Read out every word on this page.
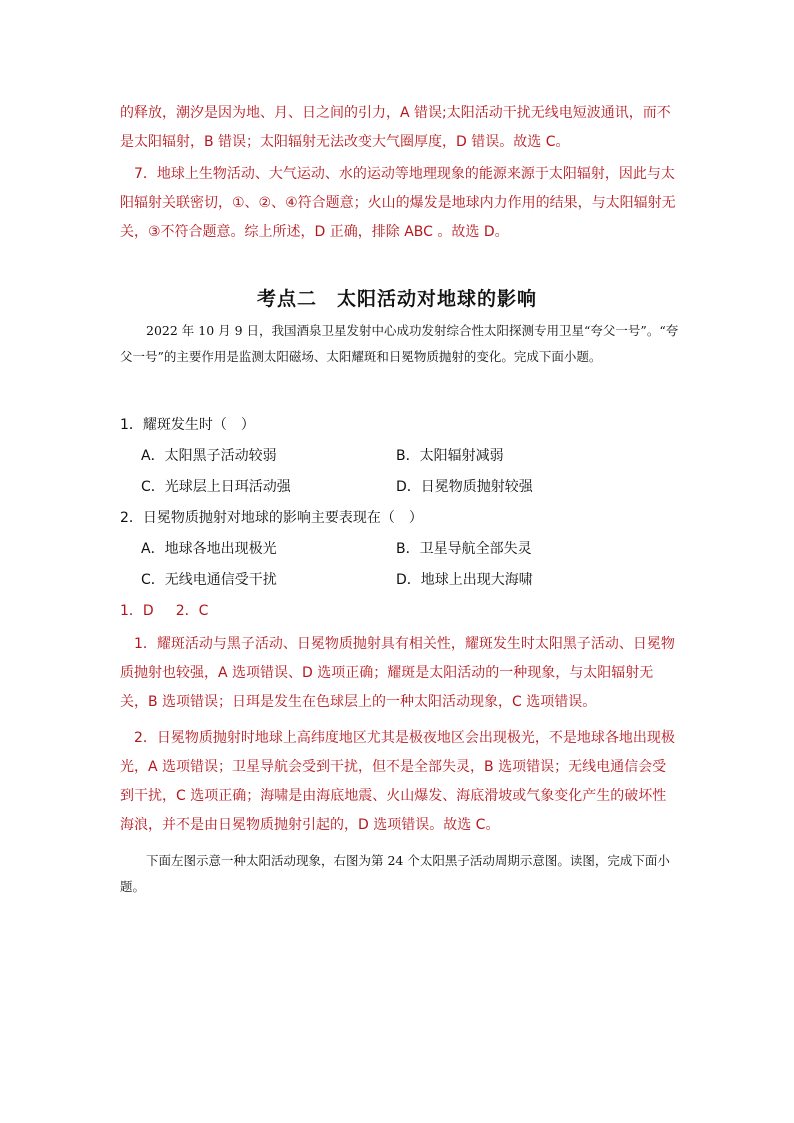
的释放，潮汐是因为地、月、日之间的引力，A 错误;太阳活动干扰无线电短波通讯，而不是太阳辐射，B 错误；太阳辐射无法改变大气圈厚度，D 错误。故选 C。

7．地球上生物活动、大气运动、水的运动等地理现象的能源来源于太阳辐射，因此与太阳辐射关联密切，①、②、④符合题意；火山的爆发是地球内力作用的结果，与太阳辐射无关，③不符合题意。综上所述，D 正确，排除 ABC 。故选 D。

考点二　太阳活动对地球的影响

2022 年 10 月 9 日，我国酒泉卫星发射中心成功发射综合性太阳探测专用卫星“夸父一号”。“夸父一号”的主要作用是监测太阳磁场、太阳耀斑和日冕物质抛射的变化。完成下面小题。

1．耀斑发生时（　）
A．太阳黑子活动较弱	B．太阳辐射减弱
C．光球层上日珥活动强	D．日冕物质抛射较强
2．日冕物质抛射对地球的影响主要表现在（　）
A．地球各地出现极光	B．卫星导航全部失灵
C．无线电通信受干扰	D．地球上出现大海啸
1．D 2．C

1．耀斑活动与黑子活动、日冕物质抛射具有相关性，耀斑发生时太阳黑子活动、日冕物质抛射也较强，A 选项错误、D 选项正确；耀斑是太阳活动的一种现象，与太阳辐射无关，B 选项错误；日珥是发生在色球层上的一种太阳活动现象，C 选项错误。

2．日冕物质抛射时地球上高纬度地区尤其是极夜地区会出现极光，不是地球各地出现极光，A 选项错误；卫星导航会受到干扰，但不是全部失灵，B 选项错误；无线电通信会受到干扰，C 选项正确；海啸是由海底地震、火山爆发、海底滑坡或气象变化产生的破坏性海浪，并不是由日冕物质抛射引起的，D 选项错误。故选 C。

下面左图示意一种太阳活动现象，右图为第 24 个太阳黑子活动周期示意图。读图，完成下面小题。
